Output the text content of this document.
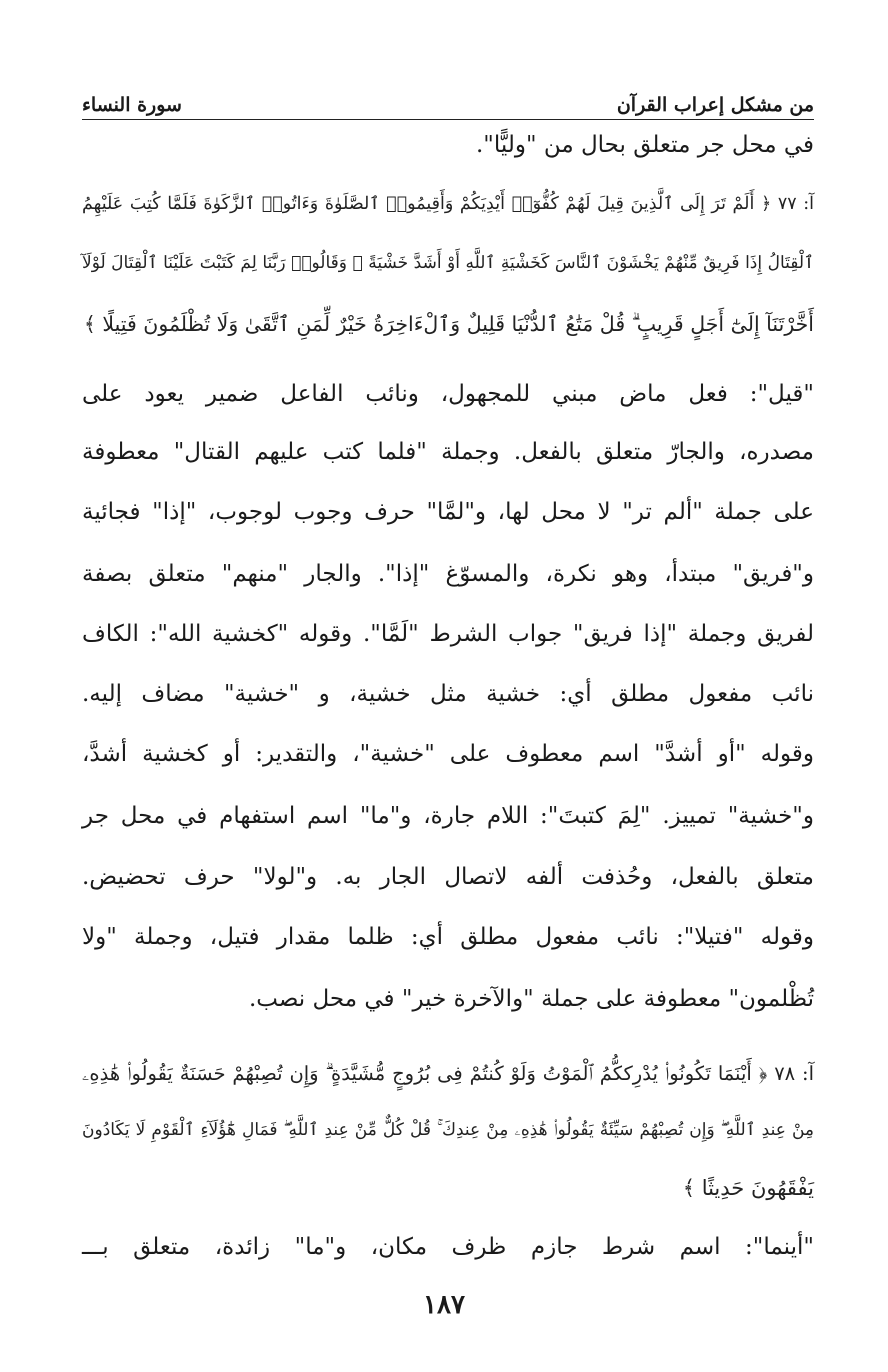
من مشكل إعراب القرآن
سورة النساء
في محل جر متعلق بحال من "وليًّا".
آ: ٧٧ ﴿ أَلَمْ تَرَ إِلَى ٱلَّذِينَ قِيلَ لَهُمْ كُفُّوٓا۟ أَيْدِيَكُمْ وَأَقِيمُوا۟ ٱلصَّلَوٰةَ وَءَاتُوا۟ ٱلزَّكَوٰةَ فَلَمَّا كُتِبَ عَلَيْهِمُ
ٱلْقِتَالُ إِذَا فَرِيقٌ مِّنْهُمْ يَخْشَوْنَ ٱلنَّاسَ كَخَشْيَةِ ٱللَّهِ أَوْ أَشَدَّ خَشْيَةً ۚ وَقَالُوا۟ رَبَّنَا لِمَ كَتَبْتَ عَلَيْنَا ٱلْقِتَالَ لَوْلَآ
أَخَّرْتَنَآ إِلَىٰٓ أَجَلٍ قَرِيبٍ ۗ قُلْ مَتَٰعُ ٱلدُّنْيَا قَلِيلٌ وَٱلْءَاخِرَةُ خَيْرٌ لِّمَنِ ٱتَّقَىٰ وَلَا تُظْلَمُونَ فَتِيلًا ﴾
"قيل": فعل ماض مبني للمجهول، ونائب الفاعل ضمير يعود على
مصدره، والجارّ متعلق بالفعل. وجملة "فلما كتب عليهم القتال" معطوفة
على جملة "ألم تر" لا محل لها، و"لمَّا" حرف وجوب لوجوب، "إذا" فجائية
و"فريق" مبتدأ، وهو نكرة، والمسوّغ "إذا". والجار "منهم" متعلق بصفة
لفريق وجملة "إذا فريق" جواب الشرط "لَمَّا". وقوله "كخشية الله": الكاف
نائب مفعول مطلق أي: خشية مثل خشية، و "خشية" مضاف إليه.
وقوله "أو أشدَّ" اسم معطوف على "خشية"، والتقدير: أو كخشية أشدَّ،
و"خشية" تمييز. "لِمَ كتبتَ": اللام جارة، و"ما" اسم استفهام في محل جر
متعلق بالفعل، وحُذفت ألفه لاتصال الجار به. و"لولا" حرف تحضيض.
وقوله "فتيلا": نائب مفعول مطلق أي: ظلما مقدار فتيل، وجملة "ولا
تُظْلمون" معطوفة على جملة "والآخرة خير" في محل نصب.
آ: ٧٨ ﴿ أَيْنَمَا تَكُونُوا۟ يُدْرِككُّمُ ٱلْمَوْتُ وَلَوْ كُنتُمْ فِى بُرُوجٍ مُّشَيَّدَةٍ ۗ وَإِن تُصِبْهُمْ حَسَنَةٌ يَقُولُوا۟ هَٰذِهِۦ
مِنْ عِندِ ٱللَّهِ ۖ وَإِن تُصِبْهُمْ سَيِّئَةٌ يَقُولُوا۟ هَٰذِهِۦ مِنْ عِندِكَ ۚ قُلْ كُلٌّ مِّنْ عِندِ ٱللَّهِ ۖ فَمَالِ هَٰٓؤُلَآءِ ٱلْقَوْمِ لَا يَكَادُونَ
يَفْقَهُونَ حَدِيثًا ﴾
"أينما": اسم شرط جازم ظرف مكان، و"ما" زائدة، متعلق بـــ
١٨٧
